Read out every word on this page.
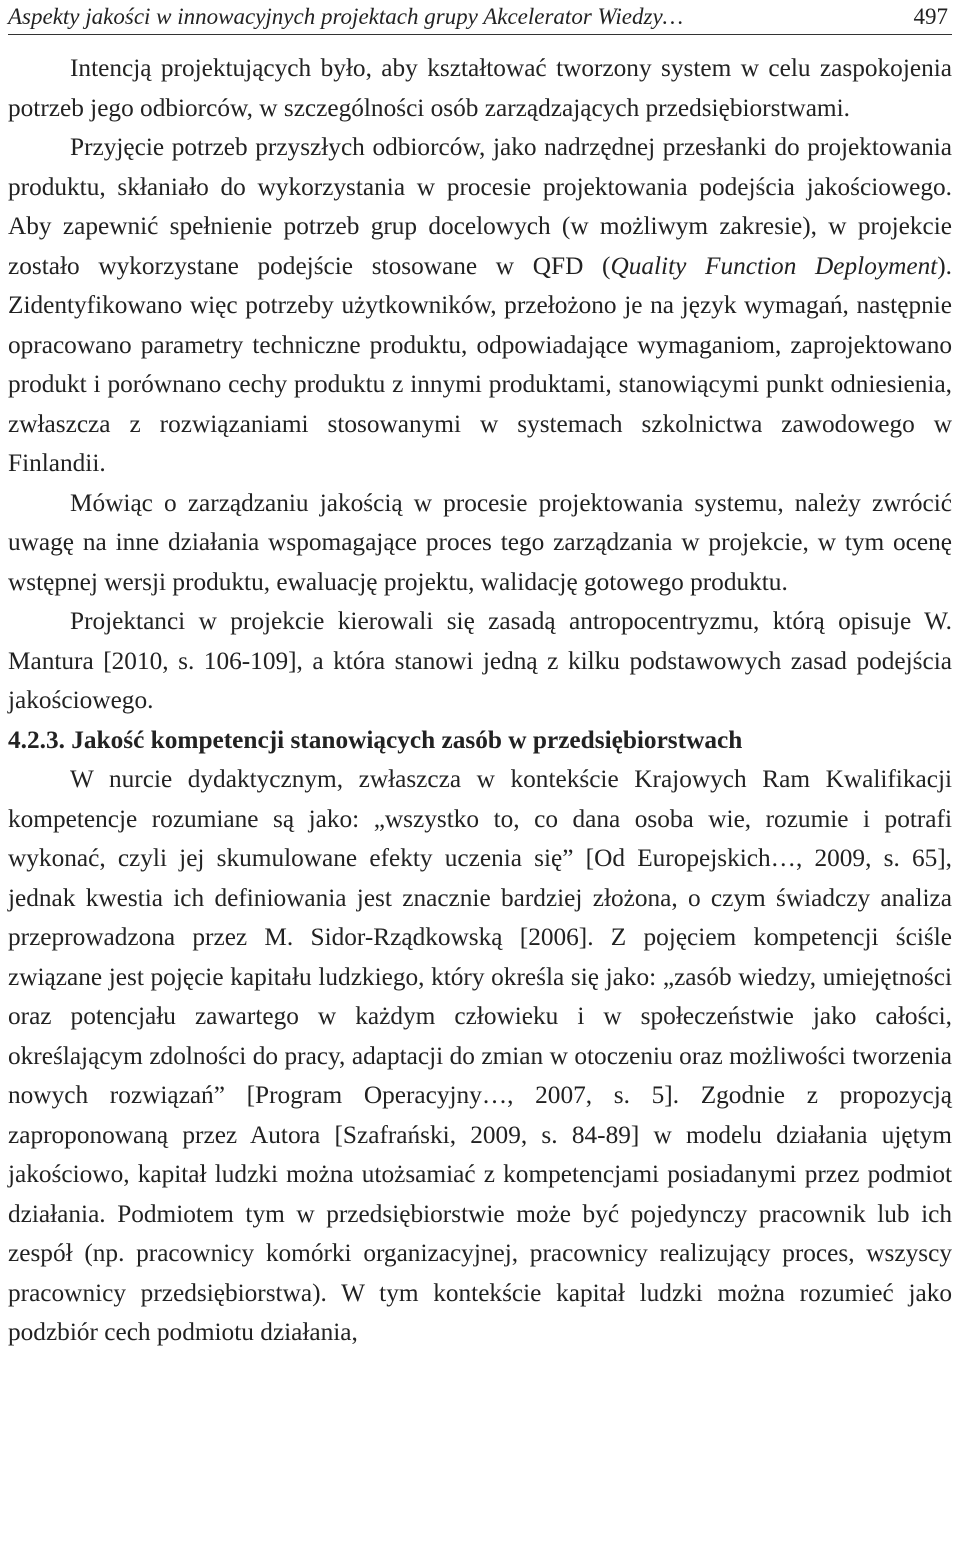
Aspekty jakości w innowacyjnych projektach grupy Akcelerator Wiedzy…	497

Intencją projektujących było, aby kształtować tworzony system w celu zaspokojenia potrzeb jego odbiorców, w szczególności osób zarządzających przedsiębiorstwami.

Przyjęcie potrzeb przyszłych odbiorców, jako nadrzędnej przesłanki do projektowania produktu, skłaniało do wykorzystania w procesie projektowania podejścia jakościowego. Aby zapewnić spełnienie potrzeb grup docelowych (w możliwym zakresie), w projekcie zostało wykorzystane podejście stosowane w QFD (Quality Function Deployment). Zidentyfikowano więc potrzeby użytkowników, przełożono je na język wymagań, następnie opracowano parametry techniczne produktu, odpowiadające wymaganiom, zaprojektowano produkt i porównano cechy produktu z innymi produktami, stanowiącymi punkt odniesienia, zwłaszcza z rozwiązaniami stosowanymi w systemach szkolnictwa zawodowego w Finlandii.

Mówiąc o zarządzaniu jakością w procesie projektowania systemu, należy zwrócić uwagę na inne działania wspomagające proces tego zarządzania w projekcie, w tym ocenę wstępnej wersji produktu, ewaluację projektu, walidację gotowego produktu.

Projektanci w projekcie kierowali się zasadą antropocentryzmu, którą opisuje W. Mantura [2010, s. 106-109], a która stanowi jedną z kilku podstawowych zasad podejścia jakościowego.

4.2.3. Jakość kompetencji stanowiących zasób w przedsiębiorstwach

W nurcie dydaktycznym, zwłaszcza w kontekście Krajowych Ram Kwalifikacji kompetencje rozumiane są jako: „wszystko to, co dana osoba wie, rozumie i potrafi wykonać, czyli jej skumulowane efekty uczenia się” [Od Europejskich…, 2009, s. 65], jednak kwestia ich definiowania jest znacznie bardziej złożona, o czym świadczy analiza przeprowadzona przez M. Sidor-Rządkowską [2006]. Z pojęciem kompetencji ściśle związane jest pojęcie kapitału ludzkiego, który określa się jako: „zasób wiedzy, umiejętności oraz potencjału zawartego w każdym człowieku i w społeczeństwie jako całości, określającym zdolności do pracy, adaptacji do zmian w otoczeniu oraz możliwości tworzenia nowych rozwiązań” [Program Operacyjny…, 2007, s. 5]. Zgodnie z propozycją zaproponowaną przez Autora [Szafrański, 2009, s. 84-89] w modelu działania ujętym jakościowo, kapitał ludzki można utożsamiać z kompetencjami posiadanymi przez podmiot działania. Podmiotem tym w przedsiębiorstwie może być pojedynczy pracownik lub ich zespół (np. pracownicy komórki organizacyjnej, pracownicy realizujący proces, wszyscy pracownicy przedsiębiorstwa). W tym kontekście kapitał ludzki można rozumieć jako podzbiór cech podmiotu działania,
